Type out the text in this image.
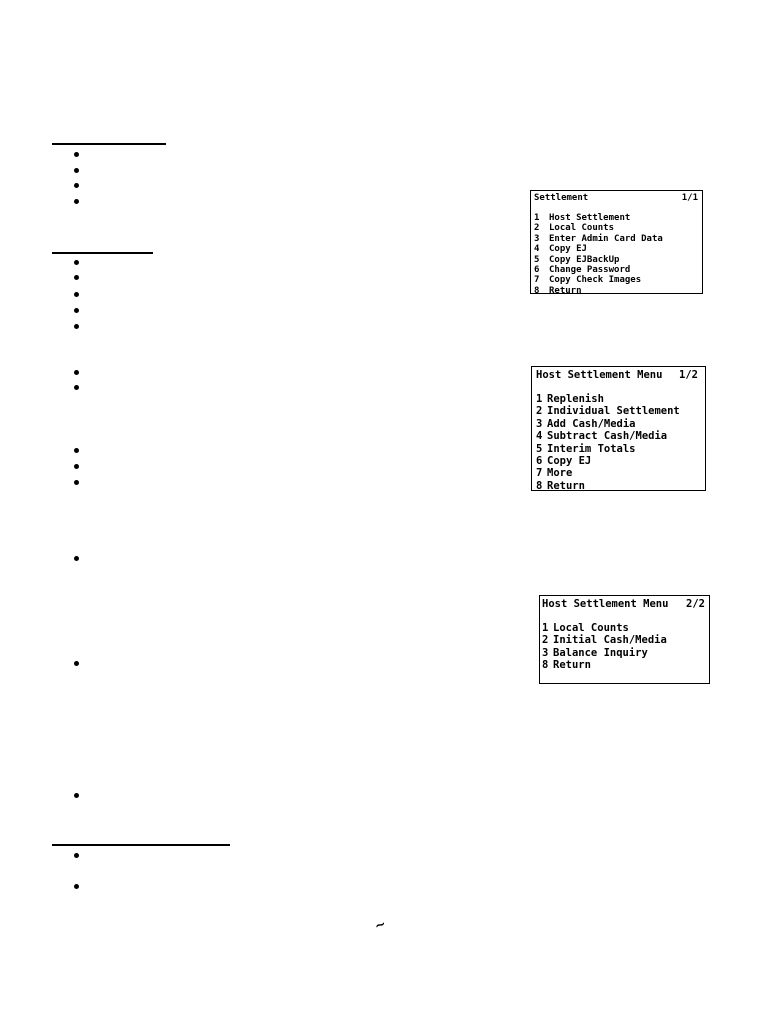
Settlement	1/1
1	Host Settlement
2	Local Counts
3	Enter Admin Card Data
4	Copy EJ
5	Copy EJBackUp
6	Change Password
7	Copy Check Images
8	Return
Host Settlement Menu 1/2
1 Replenish
2 Individual Settlement
3 Add Cash/Media
4 Subtract Cash/Media
5 Interim Totals
6 Copy EJ
7 More
8 Return
Host Settlement Menu 2/2
1 Local Counts
2 Initial Cash/Media
3 Balance Inquiry
8 Return
~
